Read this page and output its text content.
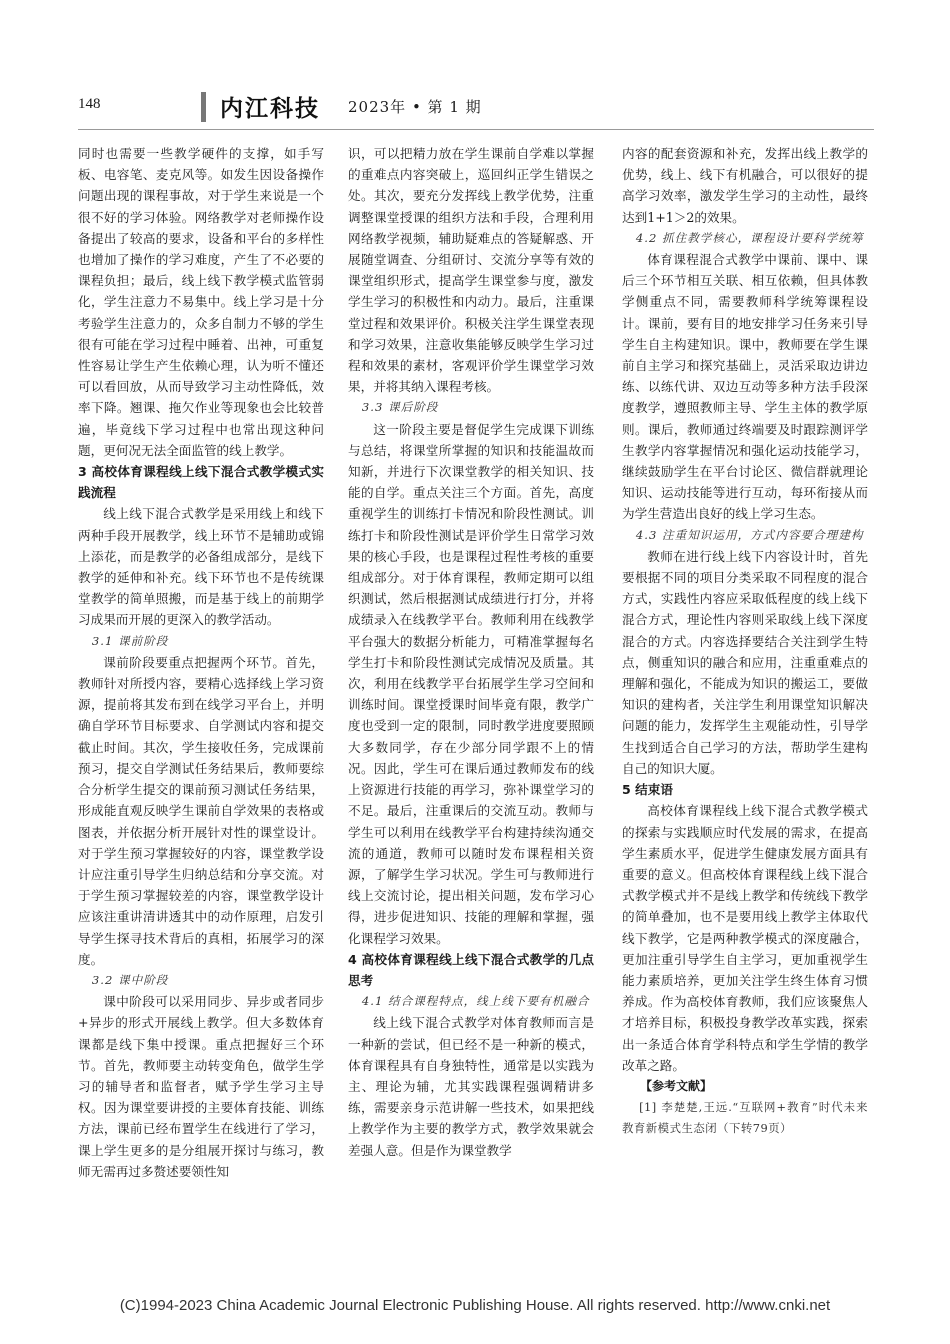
148	内江科技 2023年 • 第 1 期

同时也需要一些教学硬件的支撑，如手写板、电容笔、麦克风等。如发生因设备操作问题出现的课程事故，对于学生来说是一个很不好的学习体验。网络教学对老师操作设备提出了较高的要求，设备和平台的多样性也增加了操作的学习难度，产生了不必要的课程负担；最后，线上线下教学模式监管弱化，学生注意力不易集中。线上学习是十分考验学生注意力的，众多自制力不够的学生很有可能在学习过程中睡着、出神，可重复性容易让学生产生依赖心理，认为听不懂还可以看回放，从而导致学习主动性降低，效率下降。翘课、拖欠作业等现象也会比较普遍，毕竟线下学习过程中也常出现这种问题，更何况无法全面监管的线上教学。

3 高校体育课程线上线下混合式教学模式实践流程

线上线下混合式教学是采用线上和线下两种手段开展教学，线上环节不是辅助或锦上添花，而是教学的必备组成部分，是线下教学的延伸和补充。线下环节也不是传统课堂教学的简单照搬，而是基于线上的前期学习成果而开展的更深入的教学活动。

3.1 课前阶段

课前阶段要重点把握两个环节。首先，教师针对所授内容，要精心选择线上学习资源，提前将其发布到在线学习平台上，并明确自学环节目标要求、自学测试内容和提交截止时间。其次，学生接收任务，完成课前预习，提交自学测试任务结果后，教师要综合分析学生提交的课前预习测试任务结果，形成能直观反映学生课前自学效果的表格或图表，并依据分析开展针对性的课堂设计。对于学生预习掌握较好的内容，课堂教学设计应注重引导学生归纳总结和分享交流。对于学生预习掌握较差的内容，课堂教学设计应该注重讲清讲透其中的动作原理，启发引导学生探寻技术背后的真相，拓展学习的深度。

3.2 课中阶段

课中阶段可以采用同步、异步或者同步+异步的形式开展线上教学。但大多数体育课都是线下集中授课。重点把握好三个环节。首先，教师要主动转变角色，做学生学习的辅导者和监督者，赋予学生学习主导权。因为课堂要讲授的主要体育技能、训练方法，课前已经布置学生在线进行了学习，课上学生更多的是分组展开探讨与练习，教师无需再过多赘述要领性知

识，可以把精力放在学生课前自学难以掌握的重难点内容突破上，巡回纠正学生错误之处。其次，要充分发挥线上教学优势，注重调整课堂授课的组织方法和手段，合理利用网络教学视频，辅助疑难点的答疑解惑、开展随堂调查、分组研讨、交流分享等有效的课堂组织形式，提高学生课堂参与度，激发学生学习的积极性和内动力。最后，注重课堂过程和效果评价。积极关注学生课堂表现和学习效果，注意收集能够反映学生学习过程和效果的素材，客观评价学生课堂学习效果，并将其纳入课程考核。

3.3 课后阶段

这一阶段主要是督促学生完成课下训练与总结，将课堂所掌握的知识和技能温故而知新，并进行下次课堂教学的相关知识、技能的自学。重点关注三个方面。首先，高度重视学生的训练打卡情况和阶段性测试。训练打卡和阶段性测试是评价学生日常学习效果的核心手段，也是课程过程性考核的重要组成部分。对于体育课程，教师定期可以组织测试，然后根据测试成绩进行打分，并将成绩录入在线教学平台。教师利用在线教学平台强大的数据分析能力，可精准掌握每名学生打卡和阶段性测试完成情况及质量。其次，利用在线教学平台拓展学生学习空间和训练时间。课堂授课时间毕竟有限，教学广度也受到一定的限制，同时教学进度要照顾大多数同学，存在少部分同学跟不上的情况。因此，学生可在课后通过教师发布的线上资源进行技能的再学习，弥补课堂学习的不足。最后，注重课后的交流互动。教师与学生可以利用在线教学平台构建持续沟通交流的通道，教师可以随时发布课程相关资源，了解学生学习状况。学生可与教师进行线上交流讨论，提出相关问题，发布学习心得，进步促进知识、技能的理解和掌握，强化课程学习效果。

4 高校体育课程线上线下混合式教学的几点思考

4.1 结合课程特点，线上线下要有机融合

线上线下混合式教学对体育教师而言是一种新的尝试，但已经不是一种新的模式，体育课程具有自身独特性，通常是以实践为主、理论为辅，尤其实践课程强调精讲多练，需要亲身示范讲解一些技术，如果把线上教学作为主要的教学方式，教学效果就会差强人意。但是作为课堂教学

内容的配套资源和补充，发挥出线上教学的优势，线上、线下有机融合，可以很好的提高学习效率，激发学生学习的主动性，最终达到1+1＞2的效果。

4.2 抓住教学核心，课程设计要科学统筹

体育课程混合式教学中课前、课中、课后三个环节相互关联、相互依赖，但具体教学侧重点不同，需要教师科学统筹课程设计。课前，要有目的地安排学习任务来引导学生自主构建知识。课中，教师要在学生课前自主学习和探究基础上，灵活采取边讲边练、以练代讲、双边互动等多种方法手段深度教学，遵照教师主导、学生主体的教学原则。课后，教师通过终端要及时跟踪测评学生教学内容掌握情况和强化运动技能学习，继续鼓励学生在平台讨论区、微信群就理论知识、运动技能等进行互动，每环衔接从而为学生营造出良好的线上学习生态。

4.3 注重知识运用，方式内容要合理建构

教师在进行线上线下内容设计时，首先要根据不同的项目分类采取不同程度的混合方式，实践性内容应采取低程度的线上线下混合方式，理论性内容则采取线上线下深度混合的方式。内容选择要结合关注到学生特点，侧重知识的融合和应用，注重重难点的理解和强化，不能成为知识的搬运工，要做知识的建构者，关注学生利用课堂知识解决问题的能力，发挥学生主观能动性，引导学生找到适合自己学习的方法，帮助学生建构自己的知识大厦。

5 结束语

高校体育课程线上线下混合式教学模式的探索与实践顺应时代发展的需求，在提高学生素质水平，促进学生健康发展方面具有重要的意义。但高校体育课程线上线下混合式教学模式并不是线上教学和传统线下教学的简单叠加，也不是要用线上教学主体取代线下教学，它是两种教学模式的深度融合，更加注重引导学生自主学习，更加重视学生能力素质培养，更加关注学生终生体育习惯养成。作为高校体育教师，我们应该聚焦人才培养目标，积极投身教学改革实践，探索出一条适合体育学科特点和学生学情的教学改革之路。

【参考文献】

[1] 李楚楚,王远.“互联网+教育”时代未来教育新模式生态闭（下转79页）

(C)1994-2023 China Academic Journal Electronic Publishing House. All rights reserved. http://www.cnki.net
